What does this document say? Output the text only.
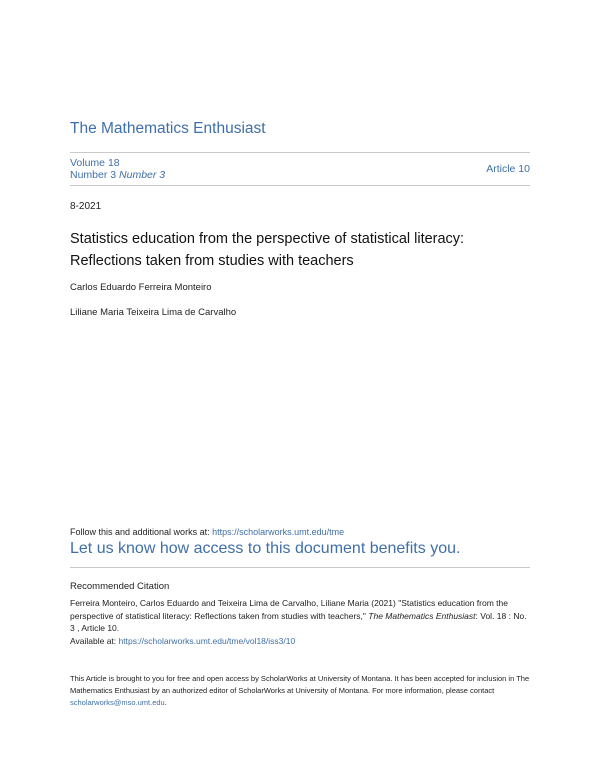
The Mathematics Enthusiast
Volume 18
Number 3 Number 3	Article 10
8-2021
Statistics education from the perspective of statistical literacy:
Reflections taken from studies with teachers
Carlos Eduardo Ferreira Monteiro
Liliane Maria Teixeira Lima de Carvalho
Follow this and additional works at: https://scholarworks.umt.edu/tme
Let us know how access to this document benefits you.
Recommended Citation
Ferreira Monteiro, Carlos Eduardo and Teixeira Lima de Carvalho, Liliane Maria (2021) "Statistics education from the perspective of statistical literacy: Reflections taken from studies with teachers," The Mathematics Enthusiast: Vol. 18 : No. 3 , Article 10.
Available at: https://scholarworks.umt.edu/tme/vol18/iss3/10
This Article is brought to you for free and open access by ScholarWorks at University of Montana. It has been accepted for inclusion in The Mathematics Enthusiast by an authorized editor of ScholarWorks at University of Montana. For more information, please contact scholarworks@mso.umt.edu.
